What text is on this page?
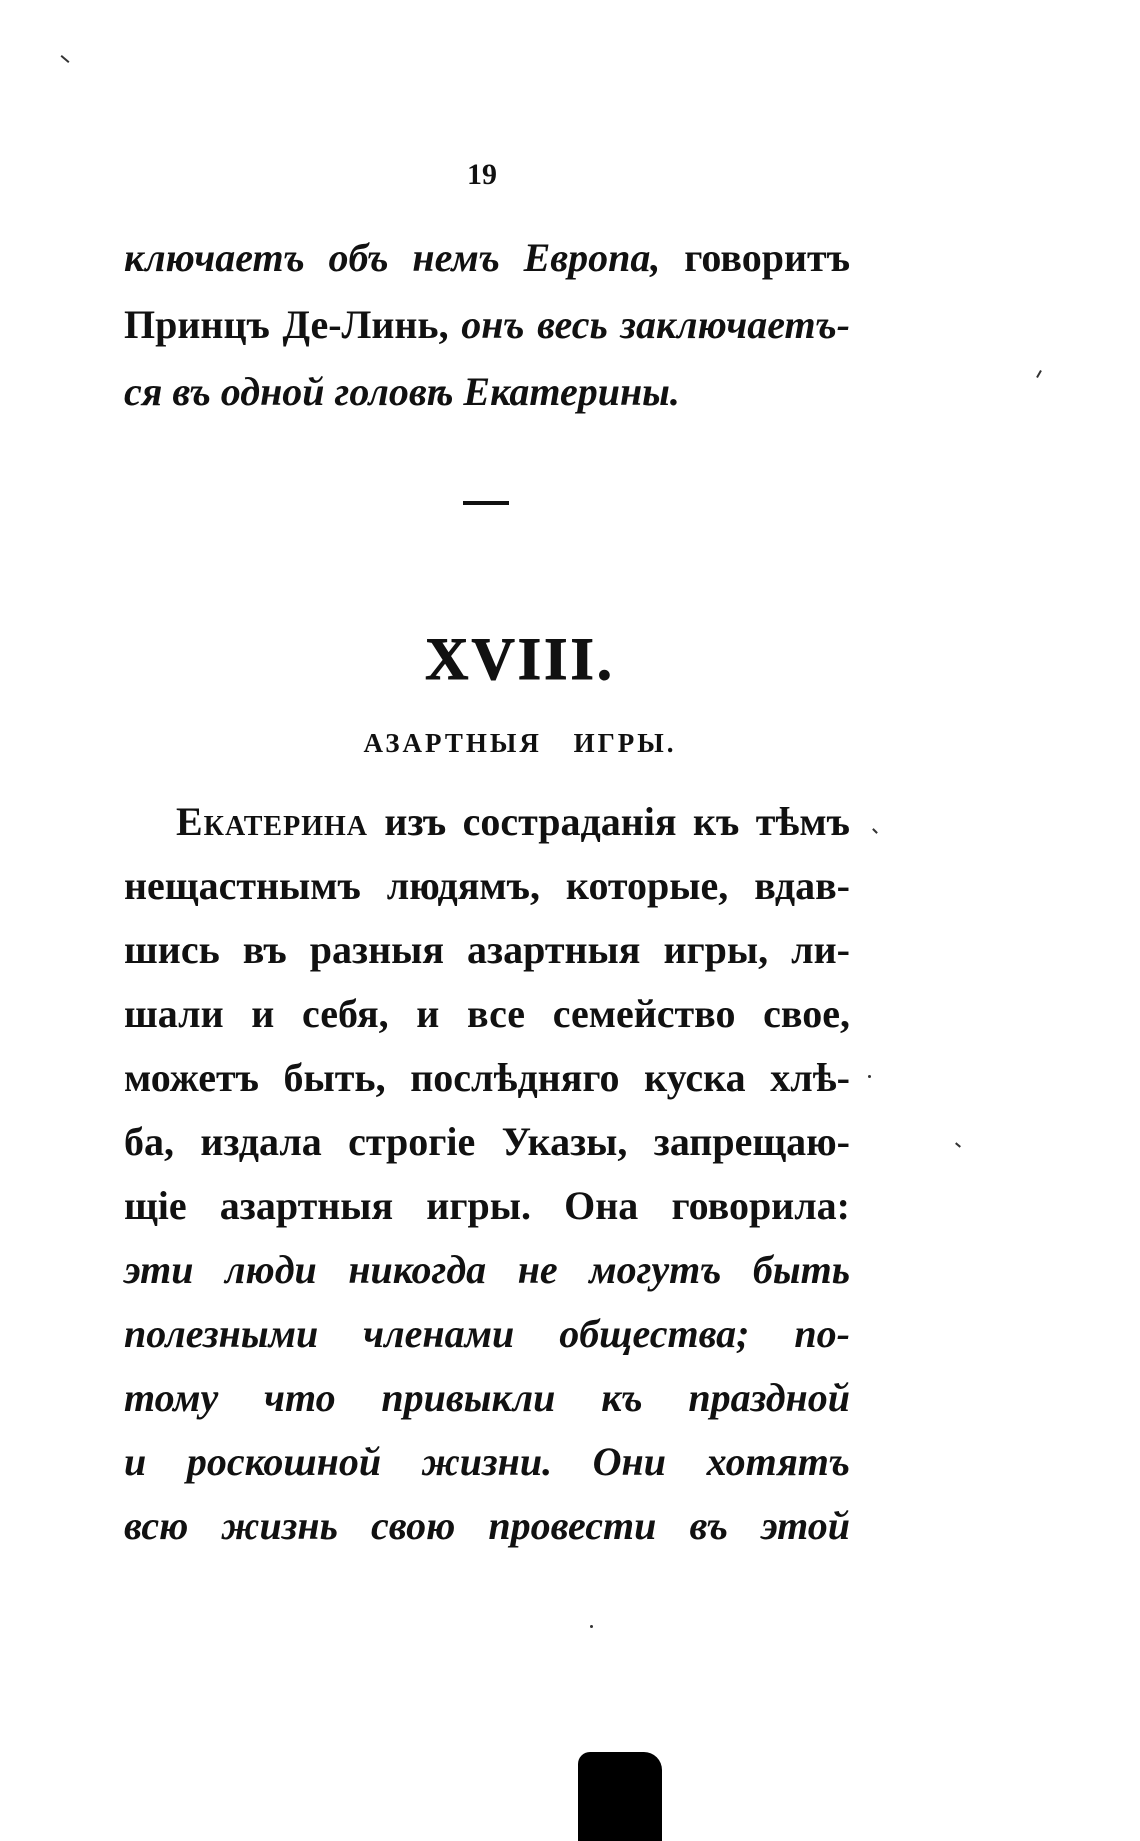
19
ключаетъ объ немъ Европа, говоритъ
Принцъ Де-Линь, онъ весь заключаетъ-
ся въ одной головѣ Екатерины.
XVIII.
АЗАРТНЫЯ ИГРЫ.
Екатерина изъ состраданія къ тѣмъ
нещастнымъ людямъ, которые, вдав-
шись въ разныя азартныя игры, ли-
шали и себя, и все семейство свое,
можетъ быть, послѣдняго куска хлѣ-
ба, издала строгіе Указы, запрещаю-
щіе азартныя игры. Она говорила:
эти люди никогда не могутъ быть
полезными членами общества; по-
тому что привыкли къ праздной
и роскошной жизни. Они хотятъ
всю жизнь свою провести въ этой
